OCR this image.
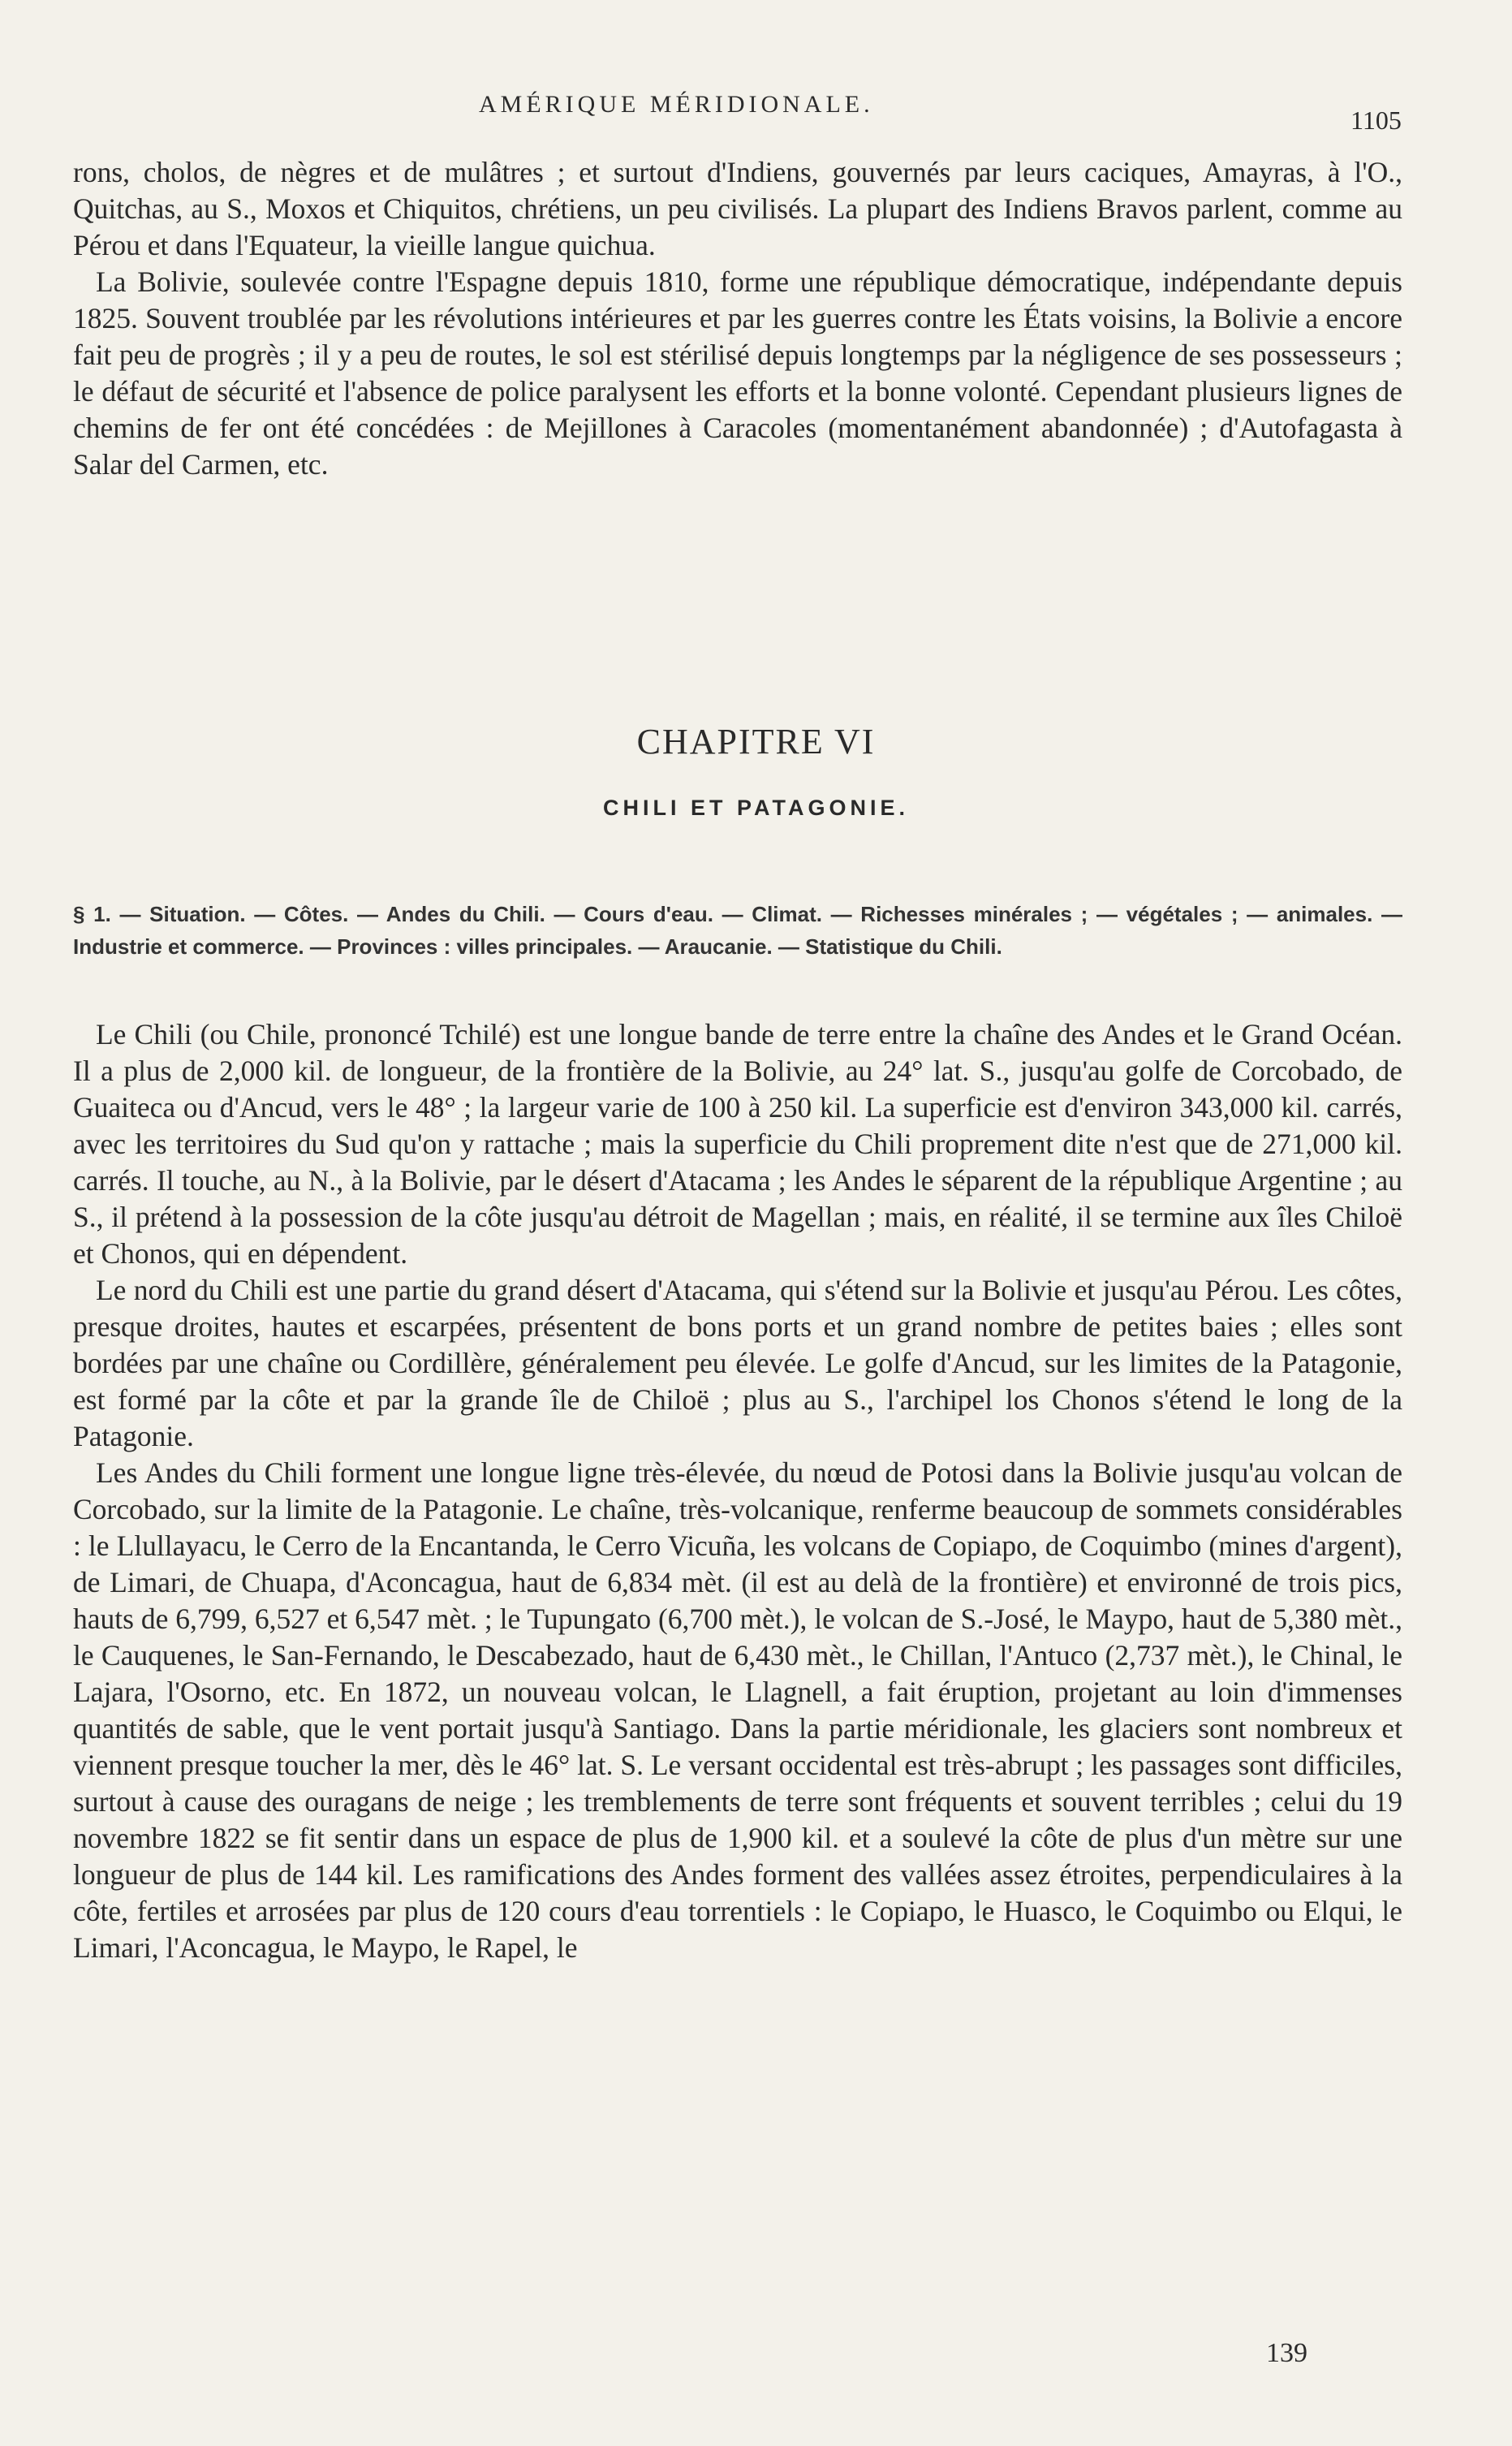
AMÉRIQUE MÉRIDIONALE.
1105

rons, cholos, de nègres et de mulâtres ; et surtout d'Indiens, gouvernés par leurs caciques, Amayras, à l'O., Quitchas, au S., Moxos et Chiquitos, chrétiens, un peu civilisés. La plupart des Indiens Bravos parlent, comme au Pérou et dans l'Equateur, la vieille langue quichua.

La Bolivie, soulevée contre l'Espagne depuis 1810, forme une république démocratique, indépendante depuis 1825. Souvent troublée par les révolutions intérieures et par les guerres contre les États voisins, la Bolivie a encore fait peu de progrès ; il y a peu de routes, le sol est stérilisé depuis longtemps par la négligence de ses possesseurs ; le défaut de sécurité et l'absence de police paralysent les efforts et la bonne volonté. Cependant plusieurs lignes de chemins de fer ont été concédées : de Mejillones à Caracoles (momentanément abandonnée) ; d'Autofagasta à Salar del Carmen, etc.

CHAPITRE VI
CHILI ET PATAGONIE.
§ 1. — Situation. — Côtes. — Andes du Chili. — Cours d'eau. — Climat. — Richesses minérales ; — végétales ; — animales. — Industrie et commerce. — Provinces : villes principales. — Araucanie. — Statistique du Chili.

Le Chili (ou Chile, prononcé Tchilé) est une longue bande de terre entre la chaîne des Andes et le Grand Océan. Il a plus de 2,000 kil. de longueur, de la frontière de la Bolivie, au 24° lat. S., jusqu'au golfe de Corcobado, de Guaiteca ou d'Ancud, vers le 48° ; la largeur varie de 100 à 250 kil. La superficie est d'environ 343,000 kil. carrés, avec les territoires du Sud qu'on y rattache ; mais la superficie du Chili proprement dite n'est que de 271,000 kil. carrés. Il touche, au N., à la Bolivie, par le désert d'Atacama ; les Andes le séparent de la république Argentine ; au S., il prétend à la possession de la côte jusqu'au détroit de Magellan ; mais, en réalité, il se termine aux îles Chiloë et Chonos, qui en dépendent.

Le nord du Chili est une partie du grand désert d'Atacama, qui s'étend sur la Bolivie et jusqu'au Pérou. Les côtes, presque droites, hautes et escarpées, présentent de bons ports et un grand nombre de petites baies ; elles sont bordées par une chaîne ou Cordillère, généralement peu élevée. Le golfe d'Ancud, sur les limites de la Patagonie, est formé par la côte et par la grande île de Chiloë ; plus au S., l'archipel los Chonos s'étend le long de la Patagonie.

Les Andes du Chili forment une longue ligne très-élevée, du nœud de Potosi dans la Bolivie jusqu'au volcan de Corcobado, sur la limite de la Patagonie. Le chaîne, très-volcanique, renferme beaucoup de sommets considérables : le Llullayacu, le Cerro de la Encantanda, le Cerro Vicuña, les volcans de Copiapo, de Coquimbo (mines d'argent), de Limari, de Chuapa, d'Aconcagua, haut de 6,834 mèt. (il est au delà de la frontière) et environné de trois pics, hauts de 6,799, 6,527 et 6,547 mèt. ; le Tupungato (6,700 mèt.), le volcan de S.-José, le Maypo, haut de 5,380 mèt., le Cauquenes, le San-Fernando, le Descabezado, haut de 6,430 mèt., le Chillan, l'Antuco (2,737 mèt.), le Chinal, le Lajara, l'Osorno, etc. En 1872, un nouveau volcan, le Llagnell, a fait éruption, projetant au loin d'immenses quantités de sable, que le vent portait jusqu'à Santiago. Dans la partie méridionale, les glaciers sont nombreux et viennent presque toucher la mer, dès le 46° lat. S. Le versant occidental est très-abrupt ; les passages sont difficiles, surtout à cause des ouragans de neige ; les tremblements de terre sont fréquents et souvent terribles ; celui du 19 novembre 1822 se fit sentir dans un espace de plus de 1,900 kil. et a soulevé la côte de plus d'un mètre sur une longueur de plus de 144 kil. Les ramifications des Andes forment des vallées assez étroites, perpendiculaires à la côte, fertiles et arrosées par plus de 120 cours d'eau torrentiels : le Copiapo, le Huasco, le Coquimbo ou Elqui, le Limari, l'Aconcagua, le Maypo, le Rapel, le

139
